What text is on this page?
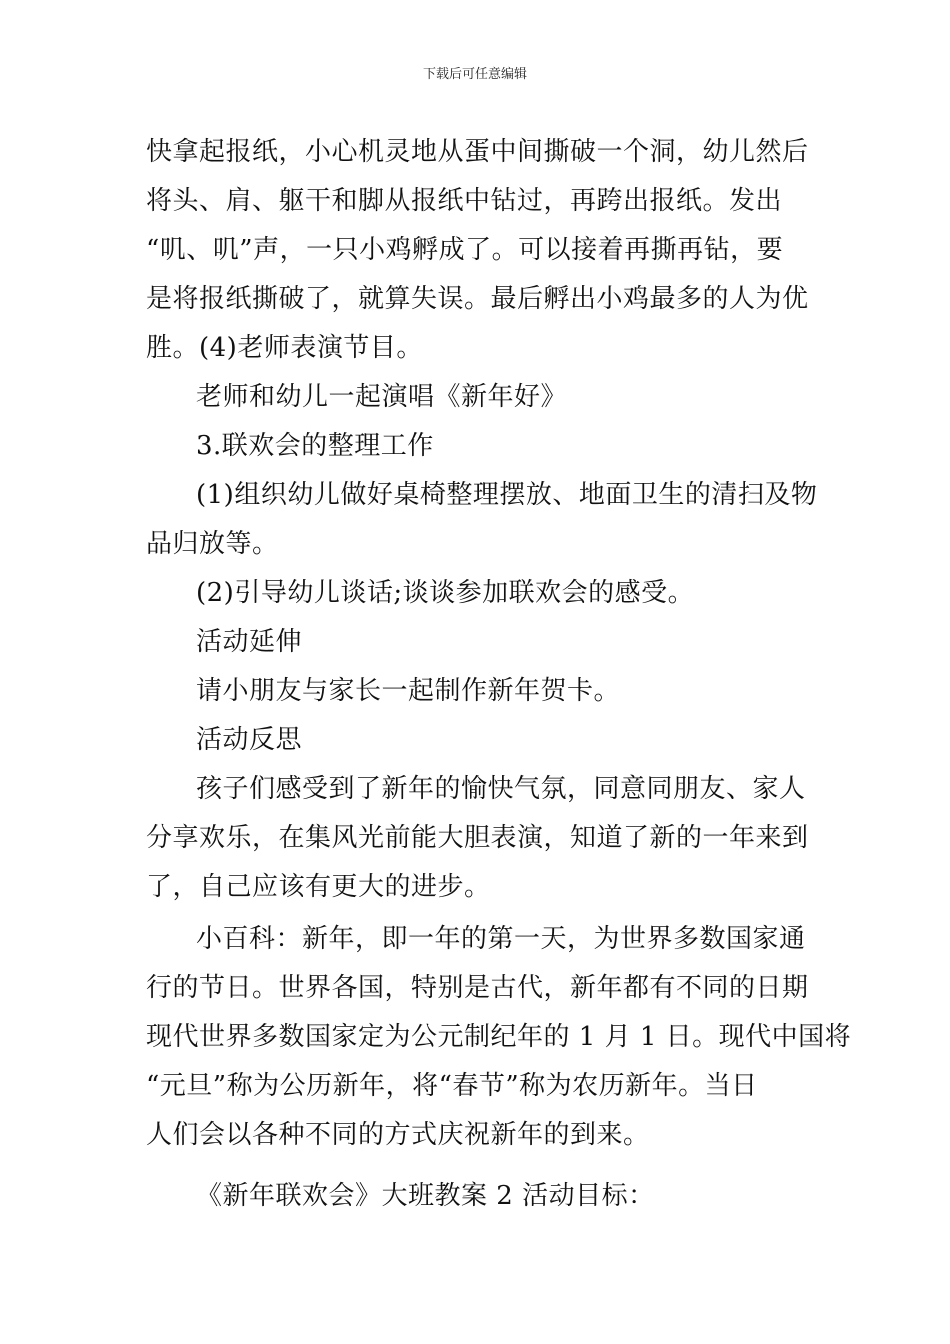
下载后可任意编辑
快拿起报纸，小心机灵地从蛋中间撕破一个洞，幼儿然后
将头、肩、躯干和脚从报纸中钻过，再跨出报纸。发出
“叽、叽”声，一只小鸡孵成了。可以接着再撕再钻，要
是将报纸撕破了，就算失误。最后孵出小鸡最多的人为优
胜。(4)老师表演节目。
老师和幼儿一起演唱《新年好》
3.联欢会的整理工作
(1)组织幼儿做好桌椅整理摆放、地面卫生的清扫及物
品归放等。
(2)引导幼儿谈话;谈谈参加联欢会的感受。
活动延伸
请小朋友与家长一起制作新年贺卡。
活动反思
孩子们感受到了新年的愉快气氛，同意同朋友、家人
分享欢乐，在集风光前能大胆表演，知道了新的一年来到
了，自己应该有更大的进步。
小百科：新年，即一年的第一天，为世界多数国家通
行的节日。世界各国，特别是古代，新年都有不同的日期
现代世界多数国家定为公元制纪年的 1 月 1 日。现代中国将
“元旦”称为公历新年，将“春节”称为农历新年。当日
人们会以各种不同的方式庆祝新年的到来。
《新年联欢会》大班教案 2 活动目标：
